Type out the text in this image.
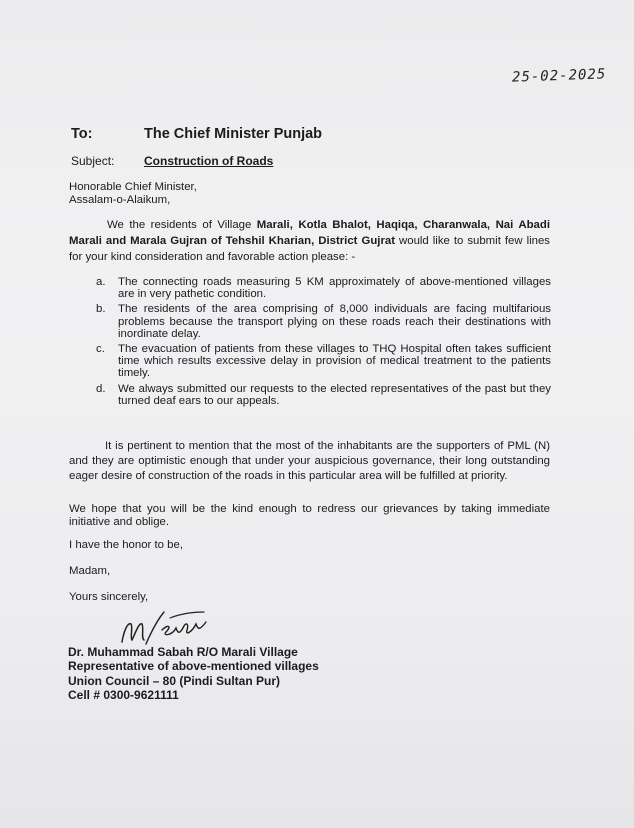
25-02-2025
To:	The Chief Minister Punjab
Subject: Construction of Roads
Honorable Chief Minister,
Assalam-o-Alaikum,
We the residents of Village Marali, Kotla Bhalot, Haqiqa, Charanwala, Nai Abadi Marali and Marala Gujran of Tehshil Kharian, District Gujrat would like to submit few lines for your kind consideration and favorable action please: -
a. The connecting roads measuring 5 KM approximately of above-mentioned villages are in very pathetic condition.
b. The residents of the area comprising of 8,000 individuals are facing multifarious problems because the transport plying on these roads reach their destinations with inordinate delay.
c. The evacuation of patients from these villages to THQ Hospital often takes sufficient time which results excessive delay in provision of medical treatment to the patients timely.
d. We always submitted our requests to the elected representatives of the past but they turned deaf ears to our appeals.
It is pertinent to mention that the most of the inhabitants are the supporters of PML (N) and they are optimistic enough that under your auspicious governance, their long outstanding eager desire of construction of the roads in this particular area will be fulfilled at priority.
We hope that you will be the kind enough to redress our grievances by taking immediate initiative and oblige.
I have the honor to be,
Madam,
Yours sincerely,
Dr. Muhammad Sabah R/O Marali Village
Representative of above-mentioned villages
Union Council – 80 (Pindi Sultan Pur)
Cell # 0300-9621111
